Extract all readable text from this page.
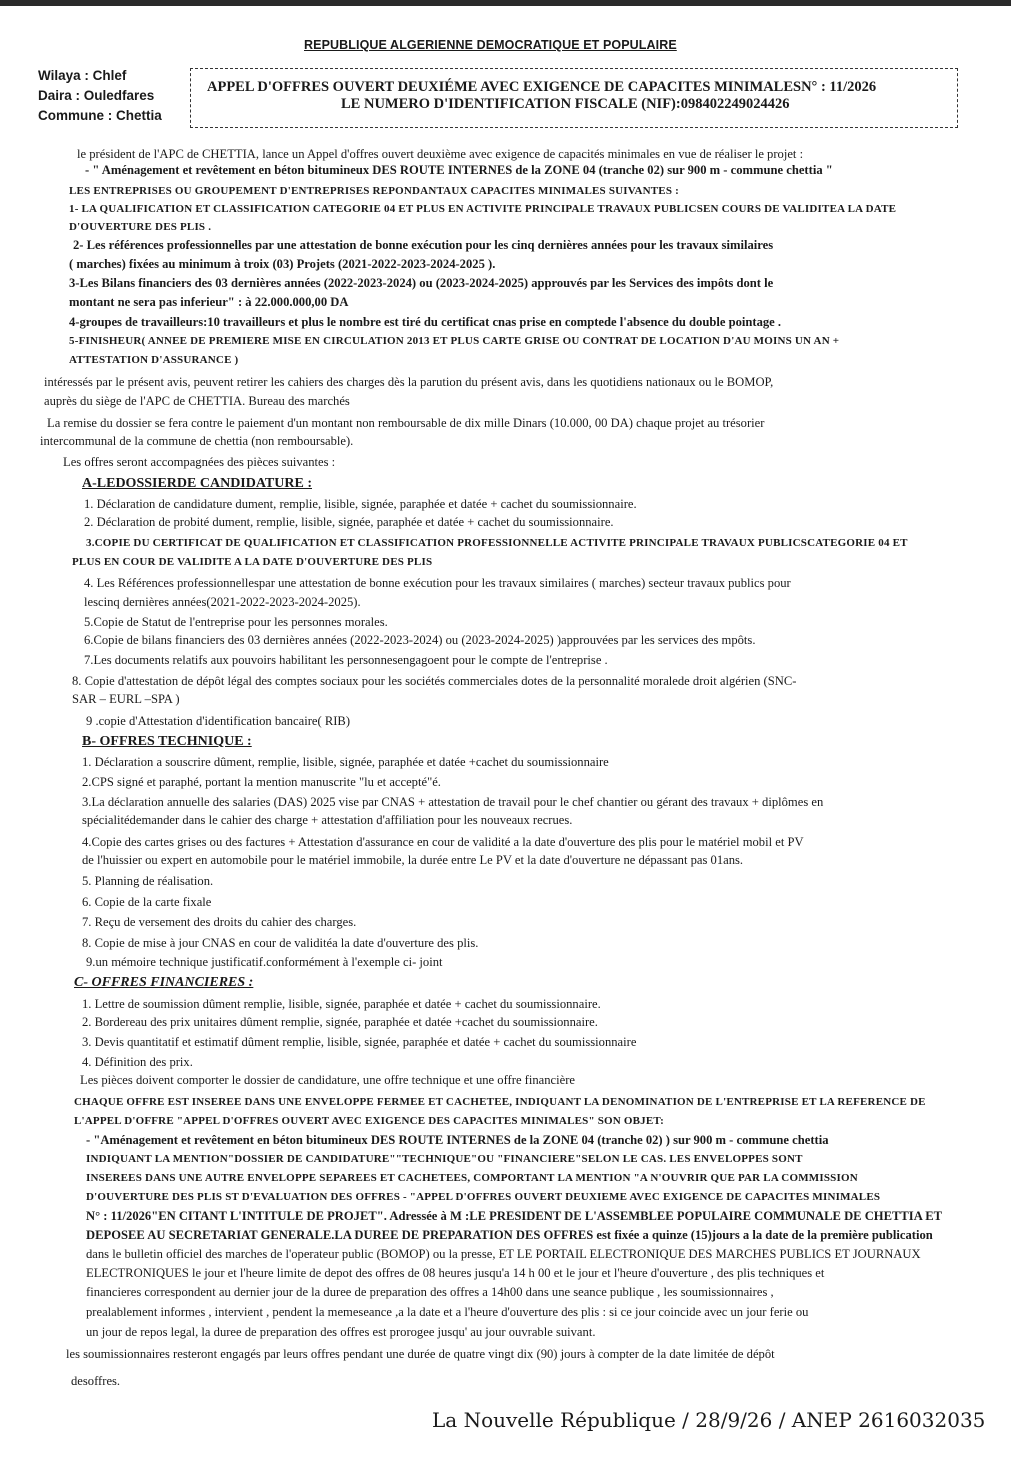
REPUBLIQUE ALGERIENNE DEMOCRATIQUE ET POPULAIRE
Wilaya : Chlef
Daira : Ouledfares
Commune : Chettia
APPEL D'OFFRES OUVERT DEUXIÉME AVEC EXIGENCE DE CAPACITES MINIMALESN° : 11/2026
LE NUMERO D'IDENTIFICATION FISCALE (NIF):098402249024426
le président de l'APC de CHETTIA, lance un Appel d'offres ouvert deuxième avec exigence de capacités minimales en vue de réaliser le projet :
- " Aménagement et revêtement en béton bitumineux DES ROUTE INTERNES de la ZONE 04 (tranche 02) sur 900 m - commune chettia "
LES ENTREPRISES OU GROUPEMENT D'ENTREPRISES REPONDANTAUX CAPACITES MINIMALES SUIVANTES :
1- LA QUALIFICATION ET CLASSIFICATION CATEGORIE 04 ET PLUS EN ACTIVITE PRINCIPALE TRAVAUX PUBLICSEN COURS DE VALIDITEA LA DATE
D'OUVERTURE DES PLIS .
2- Les références professionnelles par une attestation de bonne exécution pour les cinq dernières années pour les travaux similaires
( marches) fixées au minimum à troix (03) Projets (2021-2022-2023-2024-2025 ).
3-Les Bilans financiers des 03 dernières années (2022-2023-2024) ou (2023-2024-2025) approuvés par les Services des impôts dont le
montant ne sera pas inferieur" : à 22.000.000,00 DA
4-groupes de travailleurs:10 travailleurs et plus le nombre est tiré du certificat cnas prise en comptede l'absence du double pointage .
5-FINISHEUR( ANNEE DE PREMIERE MISE EN CIRCULATION 2013 ET PLUS CARTE GRISE OU CONTRAT DE LOCATION D'AU MOINS UN AN +
ATTESTATION D'ASSURANCE )
intéressés par le présent avis, peuvent retirer les cahiers des charges dès la parution du présent avis, dans les quotidiens nationaux ou le BOMOP,
auprès du siège de l'APC de CHETTIA. Bureau des marchés
La remise du dossier se fera contre le paiement d'un montant non remboursable de dix mille Dinars (10.000, 00 DA) chaque projet au trésorier
intercommunal de la commune de chettia (non remboursable).
Les offres seront accompagnées des pièces suivantes :
A-LEDOSSIERDE CANDIDATURE :
1. Déclaration de candidature dument, remplie, lisible, signée, paraphée et datée + cachet du soumissionnaire.
2. Déclaration de probité dument, remplie, lisible, signée, paraphée et datée + cachet du soumissionnaire.
3.COPIE DU CERTIFICAT DE QUALIFICATION ET CLASSIFICATION PROFESSIONNELLE ACTIVITE PRINCIPALE TRAVAUX PUBLICSCATEGORIE 04 ET
PLUS EN COUR DE VALIDITE A LA DATE D'OUVERTURE DES PLIS
4. Les Références professionnellespar une attestation de bonne exécution pour les travaux similaires ( marches) secteur travaux publics pour
lescinq dernières années(2021-2022-2023-2024-2025).
5.Copie de Statut de l'entreprise pour les personnes morales.
6.Copie de bilans financiers des 03 dernières années (2022-2023-2024) ou (2023-2024-2025) )approuvées par les services des mpôts.
7.Les documents relatifs aux pouvoirs habilitant les personnesengagoent pour le compte de l'entreprise .
8. Copie d'attestation de dépôt légal des comptes sociaux pour les sociétés commerciales dotes de la personnalité moralede droit algérien (SNC-
SAR – EURL –SPA )
9 .copie d'Attestation d'identification bancaire( RIB)
B- OFFRES TECHNIQUE :
1. Déclaration a souscrire dûment, remplie, lisible, signée, paraphée et datée +cachet du soumissionnaire
2.CPS signé et paraphé, portant la mention manuscrite "lu et accepté"é.
3.La déclaration annuelle des salaries (DAS) 2025 vise par CNAS + attestation de travail pour le chef chantier ou gérant des travaux + diplômes en
spécialitédemander dans le cahier des charge + attestation d'affiliation pour les nouveaux recrues.
4.Copie des cartes grises ou des factures + Attestation d'assurance en cour de validité a la date d'ouverture des plis pour le matériel mobil et PV
de l'huissier ou expert en automobile pour le matériel immobile, la durée entre Le PV et la date d'ouverture ne dépassant pas 01ans.
5. Planning de réalisation.
6. Copie de la carte fixale
7. Reçu de versement des droits du cahier des charges.
8. Copie de mise à jour CNAS en cour de validitéa la date d'ouverture des plis.
9.un mémoire technique justificatif.conformément à l'exemple ci- joint
C- OFFRES FINANCIERES :
1. Lettre de soumission dûment remplie, lisible, signée, paraphée et datée + cachet du soumissionnaire.
2. Bordereau des prix unitaires dûment remplie, signée, paraphée et datée +cachet du soumissionnaire.
3. Devis quantitatif et estimatif dûment remplie, lisible, signée, paraphée et datée + cachet du soumissionnaire
4. Définition des prix.
Les pièces doivent comporter le dossier de candidature, une offre technique et une offre financière
CHAQUE OFFRE EST INSEREE DANS UNE ENVELOPPE FERMEE ET CACHETEE, INDIQUANT LA DENOMINATION DE L'ENTREPRISE ET LA REFERENCE DE
L'APPEL D'OFFRE "APPEL D'OFFRES OUVERT AVEC EXIGENCE DES CAPACITES MINIMALES" SON OBJET:
- "Aménagement et revêtement en béton bitumineux DES ROUTE INTERNES de la ZONE 04 (tranche 02) ) sur 900 m - commune chettia
INDIQUANT LA MENTION"DOSSIER DE CANDIDATURE""TECHNIQUE"OU "FINANCIERE"SELON LE CAS. LES ENVELOPPES SONT
INSEREES DANS UNE AUTRE ENVELOPPE SEPAREES ET CACHETEES, COMPORTANT LA MENTION "A N'OUVRIR QUE PAR LA COMMISSION
D'OUVERTURE DES PLIS ST D'EVALUATION DES OFFRES - "APPEL D'OFFRES OUVERT DEUXIEME AVEC EXIGENCE DE CAPACITES MINIMALES
N° : 11/2026"EN CITANT L'INTITULE DE PROJET". Adressée à M :LE PRESIDENT DE L'ASSEMBLEE POPULAIRE COMMUNALE DE CHETTIA ET
DEPOSEE AU SECRETARIAT GENERALE.LA DUREE DE PREPARATION DES OFFRES est fixée a quinze (15)jours a la date de la première publication
dans le bulletin officiel des marches de l'operateur public (BOMOP) ou la presse, ET LE PORTAIL ELECTRONIQUE DES MARCHES PUBLICS ET JOURNAUX
ELECTRONIQUES le jour et l'heure limite de depot des offres de 08 heures jusqu'a 14 h 00 et le jour et l'heure d'ouverture , des plis techniques et
financieres correspondent au dernier jour de la duree de preparation des offres a 14h00 dans une seance publique , les soumissionnaires ,
prealablement informes , intervient , pendent la memeseance ,a la date et a l'heure d'ouverture des plis : si ce jour coincide avec un jour ferie ou
un jour de repos legal, la duree de preparation des offres est prorogee jusqu' au jour ouvrable suivant.
les soumissionnaires resteront engagés par leurs offres pendant une durée de quatre vingt dix (90) jours à compter de la date limitée de dépôt
desoffres.
La Nouvelle République / 28/9/26 / ANEP 2616032035
